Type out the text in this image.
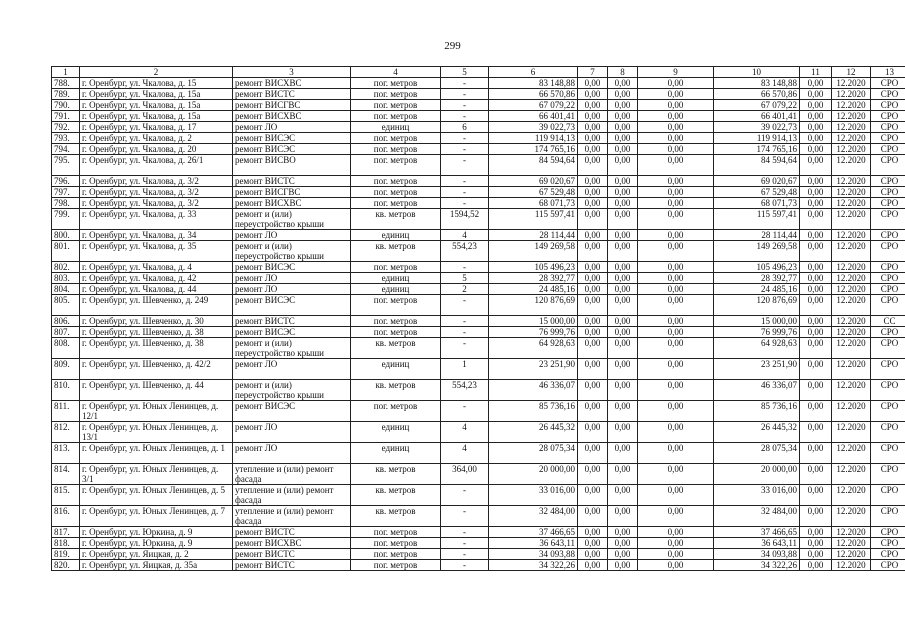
299
1	2	3	4	5	6	7	8	9	10	11	12	13
788.	г. Оренбург, ул. Чкалова, д. 15	ремонт ВИСХВС	пог. метров	-	83 148,88	0,00	0,00	0,00	83 148,88	0,00	12.2020	СРО
789.	г. Оренбург, ул. Чкалова, д. 15а	ремонт ВИСТС	пог. метров	-	66 570,86	0,00	0,00	0,00	66 570,86	0,00	12.2020	СРО
790.	г. Оренбург, ул. Чкалова, д. 15а	ремонт ВИСГВС	пог. метров	-	67 079,22	0,00	0,00	0,00	67 079,22	0,00	12.2020	СРО
791.	г. Оренбург, ул. Чкалова, д. 15а	ремонт ВИСХВС	пог. метров	-	66 401,41	0,00	0,00	0,00	66 401,41	0,00	12.2020	СРО
792.	г. Оренбург, ул. Чкалова, д. 17	ремонт ЛО	единиц	6	39 022,73	0,00	0,00	0,00	39 022,73	0,00	12.2020	СРО
793.	г. Оренбург, ул. Чкалова, д. 2	ремонт ВИСЭС	пог. метров	-	119 914,13	0,00	0,00	0,00	119 914,13	0,00	12.2020	СРО
794.	г. Оренбург, ул. Чкалова, д. 20	ремонт ВИСЭС	пог. метров	-	174 765,16	0,00	0,00	0,00	174 765,16	0,00	12.2020	СРО
795.	г. Оренбург, ул. Чкалова, д. 26/1	ремонт ВИСВО	пог. метров	-	84 594,64	0,00	0,00	0,00	84 594,64	0,00	12.2020	СРО
796.	г. Оренбург, ул. Чкалова, д. 3/2	ремонт ВИСТС	пог. метров	-	69 020,67	0,00	0,00	0,00	69 020,67	0,00	12.2020	СРО
797.	г. Оренбург, ул. Чкалова, д. 3/2	ремонт ВИСГВС	пог. метров	-	67 529,48	0,00	0,00	0,00	67 529,48	0,00	12.2020	СРО
798.	г. Оренбург, ул. Чкалова, д. 3/2	ремонт ВИСХВС	пог. метров	-	68 071,73	0,00	0,00	0,00	68 071,73	0,00	12.2020	СРО
799.	г. Оренбург, ул. Чкалова, д. 33	ремонт и (или) переустройство крыши	кв. метров	1594,52	115 597,41	0,00	0,00	0,00	115 597,41	0,00	12.2020	СРО
800.	г. Оренбург, ул. Чкалова, д. 34	ремонт ЛО	единиц	4	28 114,44	0,00	0,00	0,00	28 114,44	0,00	12.2020	СРО
801.	г. Оренбург, ул. Чкалова, д. 35	ремонт и (или) переустройство крыши	кв. метров	554,23	149 269,58	0,00	0,00	0,00	149 269,58	0,00	12.2020	СРО
802.	г. Оренбург, ул. Чкалова, д. 4	ремонт ВИСЭС	пог. метров	-	105 496,23	0,00	0,00	0,00	105 496,23	0,00	12.2020	СРО
803.	г. Оренбург, ул. Чкалова, д. 42	ремонт ЛО	единиц	5	28 392,77	0,00	0,00	0,00	28 392,77	0,00	12.2020	СРО
804.	г. Оренбург, ул. Чкалова, д. 44	ремонт ЛО	единиц	2	24 485,16	0,00	0,00	0,00	24 485,16	0,00	12.2020	СРО
805.	г. Оренбург, ул. Шевченко, д. 249	ремонт ВИСЭС	пог. метров	-	120 876,69	0,00	0,00	0,00	120 876,69	0,00	12.2020	СРО
806.	г. Оренбург, ул. Шевченко, д. 30	ремонт ВИСТС	пог. метров	-	15 000,00	0,00	0,00	0,00	15 000,00	0,00	12.2020	СС
807.	г. Оренбург, ул. Шевченко, д. 38	ремонт ВИСЭС	пог. метров	-	76 999,76	0,00	0,00	0,00	76 999,76	0,00	12.2020	СРО
808.	г. Оренбург, ул. Шевченко, д. 38	ремонт и (или) переустройство крыши	кв. метров	-	64 928,63	0,00	0,00	0,00	64 928,63	0,00	12.2020	СРО
809.	г. Оренбург, ул. Шевченко, д. 42/2	ремонт ЛО	единиц	1	23 251,90	0,00	0,00	0,00	23 251,90	0,00	12.2020	СРО
810.	г. Оренбург, ул. Шевченко, д. 44	ремонт и (или) переустройство крыши	кв. метров	554,23	46 336,07	0,00	0,00	0,00	46 336,07	0,00	12.2020	СРО
811.	г. Оренбург, ул. Юных Ленинцев, д. 12/1	ремонт ВИСЭС	пог. метров	-	85 736,16	0,00	0,00	0,00	85 736,16	0,00	12.2020	СРО
812.	г. Оренбург, ул. Юных Ленинцев, д. 13/1	ремонт ЛО	единиц	4	26 445,32	0,00	0,00	0,00	26 445,32	0,00	12.2020	СРО
813.	г. Оренбург, ул. Юных Ленинцев, д. 1	ремонт ЛО	единиц	4	28 075,34	0,00	0,00	0,00	28 075,34	0,00	12.2020	СРО
814.	г. Оренбург, ул. Юных Ленинцев, д. 3/1	утепление и (или) ремонт фасада	кв. метров	364,00	20 000,00	0,00	0,00	0,00	20 000,00	0,00	12.2020	СРО
815.	г. Оренбург, ул. Юных Ленинцев, д. 5	утепление и (или) ремонт фасада	кв. метров	-	33 016,00	0,00	0,00	0,00	33 016,00	0,00	12.2020	СРО
816.	г. Оренбург, ул. Юных Ленинцев, д. 7	утепление и (или) ремонт фасада	кв. метров	-	32 484,00	0,00	0,00	0,00	32 484,00	0,00	12.2020	СРО
817.	г. Оренбург, ул. Юркина, д. 9	ремонт ВИСТС	пог. метров	-	37 466,65	0,00	0,00	0,00	37 466,65	0,00	12.2020	СРО
818.	г. Оренбург, ул. Юркина, д. 9	ремонт ВИСХВС	пог. метров	-	36 643,11	0,00	0,00	0,00	36 643,11	0,00	12.2020	СРО
819.	г. Оренбург, ул. Яицкая, д. 2	ремонт ВИСТС	пог. метров	-	34 093,88	0,00	0,00	0,00	34 093,88	0,00	12.2020	СРО
820.	г. Оренбург, ул. Яицкая, д. 35а	ремонт ВИСТС	пог. метров	-	34 322,26	0,00	0,00	0,00	34 322,26	0,00	12.2020	СРО
